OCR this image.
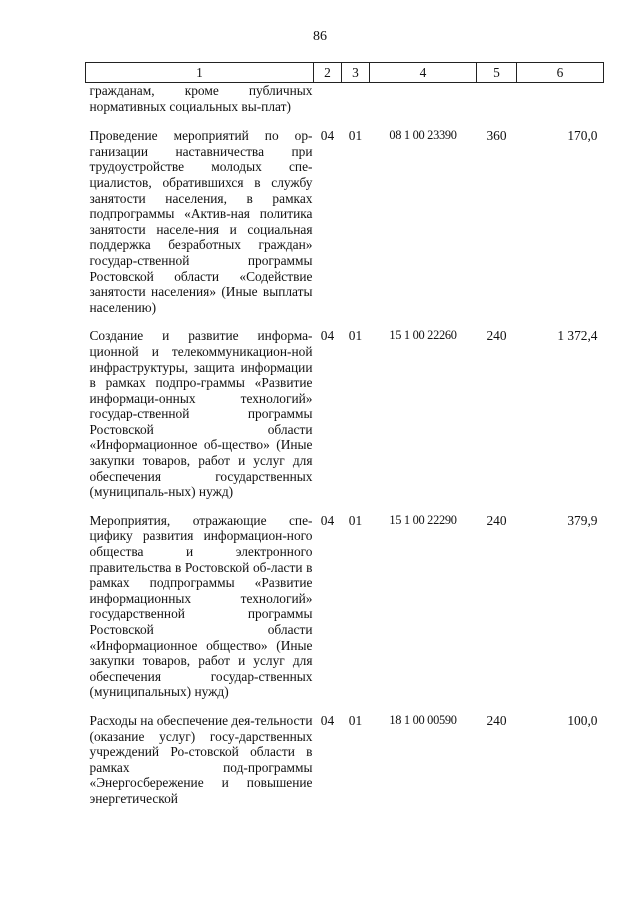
86
1	2	3	4	5	6
гражданам, кроме публичных нормативных социальных вы-плат)					
Проведение мероприятий по ор-ганизации наставничества при трудоустройстве молодых спе-циалистов, обратившихся в службу занятости населения, в рамках подпрограммы «Актив-ная политика занятости населе-ния и социальная поддержка безработных граждан» государ-ственной программы Ростовской области «Содействие занятости населения» (Иные выплаты населению)	04	01	08 1 00 23390	360	170,0
Создание и развитие информа-ционной и телекоммуникацион-ной инфраструктуры, защита информации в рамках подпро-граммы «Развитие информаци-онных технологий» государ-ственной программы Ростовской области «Информационное об-щество» (Иные закупки товаров, работ и услуг для обеспечения государственных (муниципаль-ных) нужд)	04	01	15 1 00 22260	240	1 372,4
Мероприятия, отражающие спе-цифику развития информацион-ного общества и электронного правительства в Ростовской об-ласти в рамках подпрограммы «Развитие информационных технологий» государственной программы Ростовской области «Информационное общество» (Иные закупки товаров, работ и услуг для обеспечения государ-ственных (муниципальных) нужд)	04	01	15 1 00 22290	240	379,9
Расходы на обеспечение дея-тельности (оказание услуг) госу-дарственных учреждений Ро-стовской области в рамках под-программы «Энергосбережение и повышение энергетической	04	01	18 1 00 00590	240	100,0
